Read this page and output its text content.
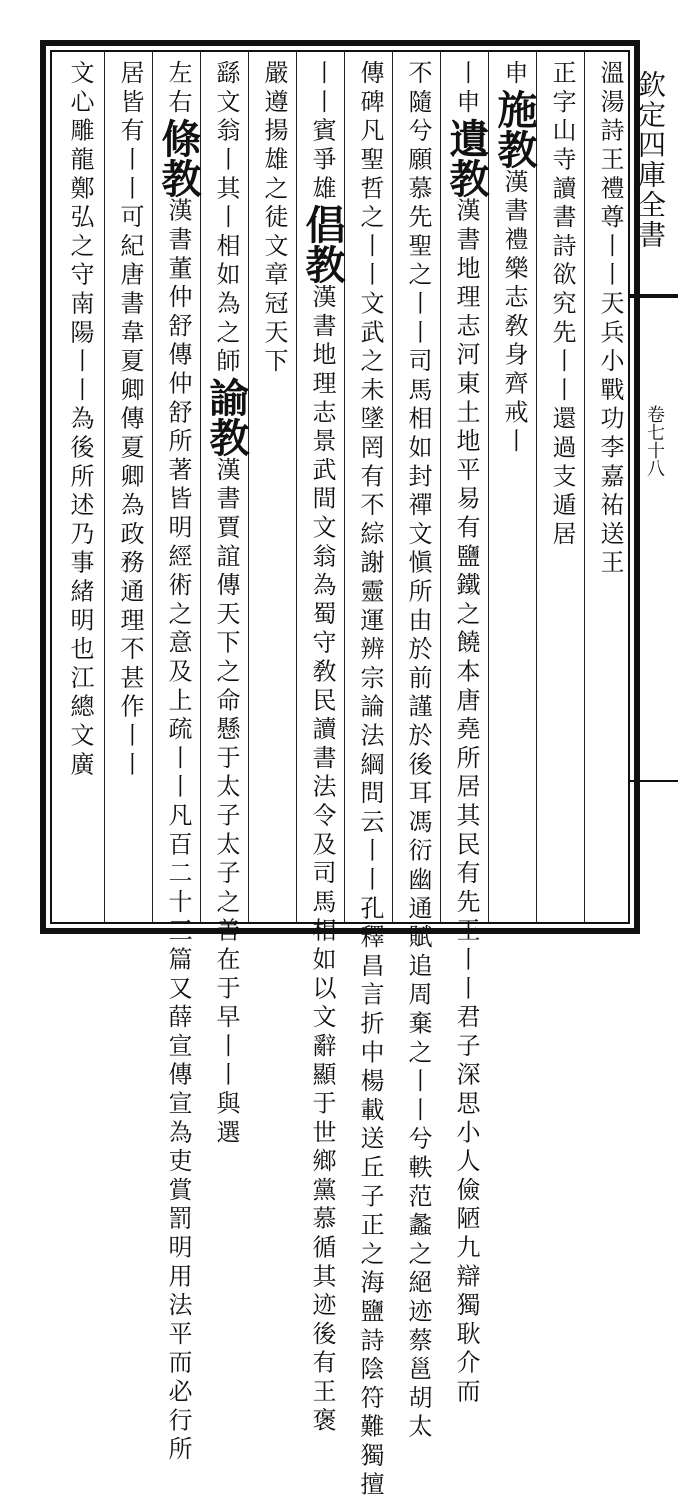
欽定四庫全書
卷七十八
溫湯詩王禮尊丨丨天兵小戰功李嘉祐送王
正字山寺讀書詩欲究先丨丨還過支遁居
申施教漢書禮樂志敎身齊戒丨
丨申遺教漢書地理志河東土地平易有鹽鐵之饒本唐堯所居其民有先王丨丨君子深思小人儉陋九辯獨耿介而
不隨兮願慕先聖之丨丨司馬相如封禪文愼所由於前謹於後耳馮衍幽通賦追周棄之丨丨兮軼范蠡之絕迹蔡邕胡太
傳碑凡聖哲之丨丨文武之未墜罔有不綜謝靈運辨宗論法綱問云丨丨孔釋昌言折中楊載送丘子正之海鹽詩陰符難獨擅
丨丨賓爭雄倡教漢書地理志景武間文翁為蜀守敎民讀書法令及司馬相如以文辭顯于世鄉黨慕循其迹後有王褒
嚴遵揚雄之徒文章冠天下
繇文翁丨其丨相如為之師諭教漢書賈誼傳天下之命懸于太子太子之善在于早丨丨與選
左右條教漢書董仲舒傳仲舒所著皆明經術之意及上疏丨丨凡百二十三篇又薛宣傳宣為吏賞罰明用法平而必行所
居皆有丨丨可紀唐書韋夏卿傳夏卿為政務通理不甚作丨丨
文心雕龍鄭弘之守南陽丨丨為後所述乃事緒明也江總文廣
